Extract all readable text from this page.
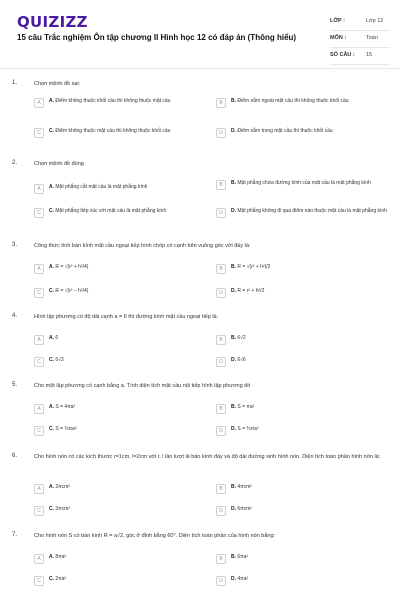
QUIZIZZ
15 câu Trắc nghiệm Ôn tập chương II Hình học 12 có đáp án (Thông hiểu)
LỚP :	Lớp 12
MÔN :	Toán
SỐ CÂU : 15
1.	Chọn mệnh đề sai:
A	A. Điểm không thuộc khối cầu thì không thuộc mặt cầu	B	B. Điểm nằm ngoài mặt cầu thì không thuộc khối cầu
C	C. Điểm không thuộc mặt cầu thì không thuộc khối cầu	D	D. Điểm nằm trong mặt cầu thì thuộc khối cầu
2.	Chọn mệnh đề đúng
A	A. Mặt phẳng cắt mặt cầu là mặt phẳng kính	B	B. Mặt phẳng chứa đường kính của mặt cầu là mặt phẳng kính
C	C. Mặt phẳng tiếp xúc với mặt cầu là mặt phẳng kính	D	D. Mặt phẳng không đi qua điểm nào thuộc mặt cầu là mặt phẳng kính
3.	Công thức tính bán kính mặt cầu ngoại tiếp hình chóp có cạnh bên vuông góc với đáy là:
A	A. R = √(r² + h²/4)	B	B. R = √(r² + h²)/2
C	C. R = √(r² − h²/4)	D	D. R = r² + h²/2
4.	Hình lập phương có độ dài cạnh a = 6 thì đường kính mặt cầu ngoại tiếp là:
A	A. 6	B	B. 6√2
C	C. 6√3	D	D. 6√6
5.	Cho một lập phương có cạnh bằng a. Tính diện tích mặt cầu nội tiếp hình lập phương đó
A	A. S = 4πa²	B	B. S = πa²
C	C. S = ⅓πa²	D	D. S = ¾πa²
6.	Cho hình nón có các kích thước r=1cm, l=2cm với r, l lần lượt là bán kính đáy và độ dài đường sinh hình nón. Diện tích toàn phần hình nón là:
A	A. 2πcm²	B	B. 4πcm²
C	C. 3πcm²	D	D. 6πcm²
7.	Cho hình nón S có bán kính R = a√2, góc ở đỉnh bằng 60°. Diện tích toàn phần của hình nón bằng:
A	A. 8πa²	B	B. 6πa²
C	C. 2πa²	D	D. 4πa²
